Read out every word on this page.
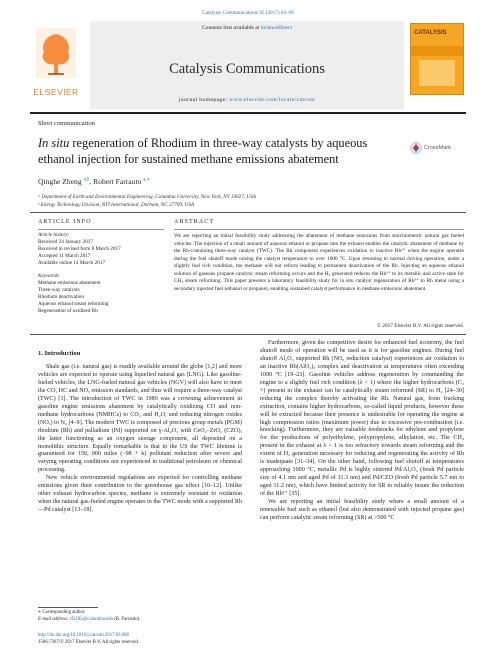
Catalysis Communications 95 (2017) 63–66
ELSEVIER
Contents lists available at ScienceDirect
Catalysis Communications
journal homepage: www.elsevier.com/locate/catcom
CATALYSIS
Short communication
In situ regeneration of Rhodium in three-way catalysts by aqueous ethanol injection for sustained methane emissions abatement
CrossMark
Qinghe Zheng $^{a,b}$, Robert Farrauto $^{a,∗}$
ᵃ Department of Earth and Environmental Engineering, Columbia University, New York, NY 10027, USA
ᵇ Energy Technology Division, RTI International, Durham, NC 27709, USA
ARTICLE INFO	ABSTRACT
Article history:
Received 24 January 2017
Received in revised form 8 March 2017
Accepted 11 March 2017
Available online 14 March 2017
Keywords:
Methane emissions abatement
Three-way catalysts
Rhodium deactivation
Aqueous ethanol steam reforming
Regeneration of oxidized Rh
We are reporting an initial feasibility study addressing the abatement of methane emissions from stoichiometric natural gas fueled vehicles. The injection of a small amount of aqueous ethanol or propane into the exhaust enables the catalytic abatement of methane by the Rh-containing three-way catalyst (TWC). The Rh component experiences oxidation to inactive Rh³⁺ when the engine operates during the fuel shutoff mode raising the catalyst temperature to over 1000 °C. Upon returning to normal driving operation, under a slightly fuel rich condition, the methane will not reform leading to permanent deactivation of the Rh. Injecting an aqueous ethanol solution of gaseous propane catalytic steam reforming occurs and the H₂ generated reduces the Rh³⁺ to its metallic and active state for CH₄ steam reforming. This paper presents a laboratory feasibility study for in situ catalyst regeneration of Rh³⁺ to Rh metal using a secondary injected fuel (ethanol or propane), enabling sustained catalyst performance in methane emissions abatement.
© 2017 Elsevier B.V. All rights reserved.
1. Introduction

Shale gas (i.e. natural gas) is readily available around the globe [1,2] and more vehicles are expected to operate using liquefied natural gas (LNG). Like gasoline-fueled vehicles, the LNG-fueled natural gas vehicles (NGV) will also have to meet the CO, HC and NOₓ emission standards, and thus will require a three-way catalyst (TWC) [3]. The introduction of TWC in 1980 was a crowning achievement in gasoline engine emissions abatement by catalytically oxidizing CO and non-methane hydrocarbons (NMHCs) to CO₂ and H₂O, and reducing nitrogen oxides (NOₓ) to N₂ [4–9]. The modern TWC is composed of precious group metals (PGM) rhodium (Rh) and palladium (Pd) supported on γ-Al₂O₃ with CeO₂–ZrO₂ (CZO), the latter functioning as an oxygen storage component, all deposited on a monolithic structure. Equally remarkable is that in the US the TWC lifetime is guaranteed for 150, 000 miles (~98 + k) pollutant reduction after severe and varying operating conditions not experienced in traditional petroleum or chemical processing.

New vehicle environmental regulations are expected for controlling methane emissions given their contribution to the greenhouse gas effect [10–12]. Unlike other exhaust hydrocarbon species, methane is extremely resistant to oxidation when the natural gas-fueled engine operates in the TWC mode with a supported Rh—Pd catalyst [13–18].

Furthermore, given the competitive desire for enhanced fuel economy, the fuel shutoff mode of operation will be used as it is for gasoline engines. During fuel shutoff Al₂O₃ supported Rh (NOₓ reduction catalyst) experiences air oxidation to an inactive Rh(AlO₂)ₓ complex and deactivation at temperatures often exceeding 1000 °C [19–23]. Gasoline vehicles address regeneration by commanding the engine to a slightly fuel rich condition (λ < 1) where the higher hydrocarbons (C₂ +) present in the exhaust can be catalytically steam reformed (SR) to H₂ [24–30] reducing the complex thereby activating the Rh. Natural gas, from fracking extraction, contains higher hydrocarbons, so-called liquid products, however these will be extracted because their presence is undesirable for operating the engine at high compression ratios (maximum power) due to excessive pre-combustion (i.e. knocking). Furthermore, they are valuable feedstocks for ethylene and propylene for the productions of polyethylene, polypropylene, alkylation, etc. The CH₄ present in the exhaust at λ < 1 is too refractory towards steam reforming and the extent of H₂ generation necessary for reducing and regenerating the activity of Rh is inadequate [31–34]. On the other hand, following fuel shutoff at temperatures approaching 1000 °C, metallic Pd is highly sintered Pd/Al₂O₃ (fresh Pd particle size of 4.1 nm and aged Pd of 11.3 nm) and Pd/CZO (fresh Pd particle 5.7 nm to aged 11.2 nm), which have limited activity for SR to reliably insure the reduction of the Rh³⁺ [35].

We are reporting an initial feasibility study where a small amount of a renewable fuel such as ethanol (but also demonstrated with injected propane gas) can perform catalytic steam reforming (SR) at >500 °C

∗ Corresponding author.
E-mail address: rf2182@columbia.edu (R. Farrauto).
http://dx.doi.org/10.1016/j.catcom.2017.03.008
1566-7367/© 2017 Elsevier B.V. All rights reserved.
